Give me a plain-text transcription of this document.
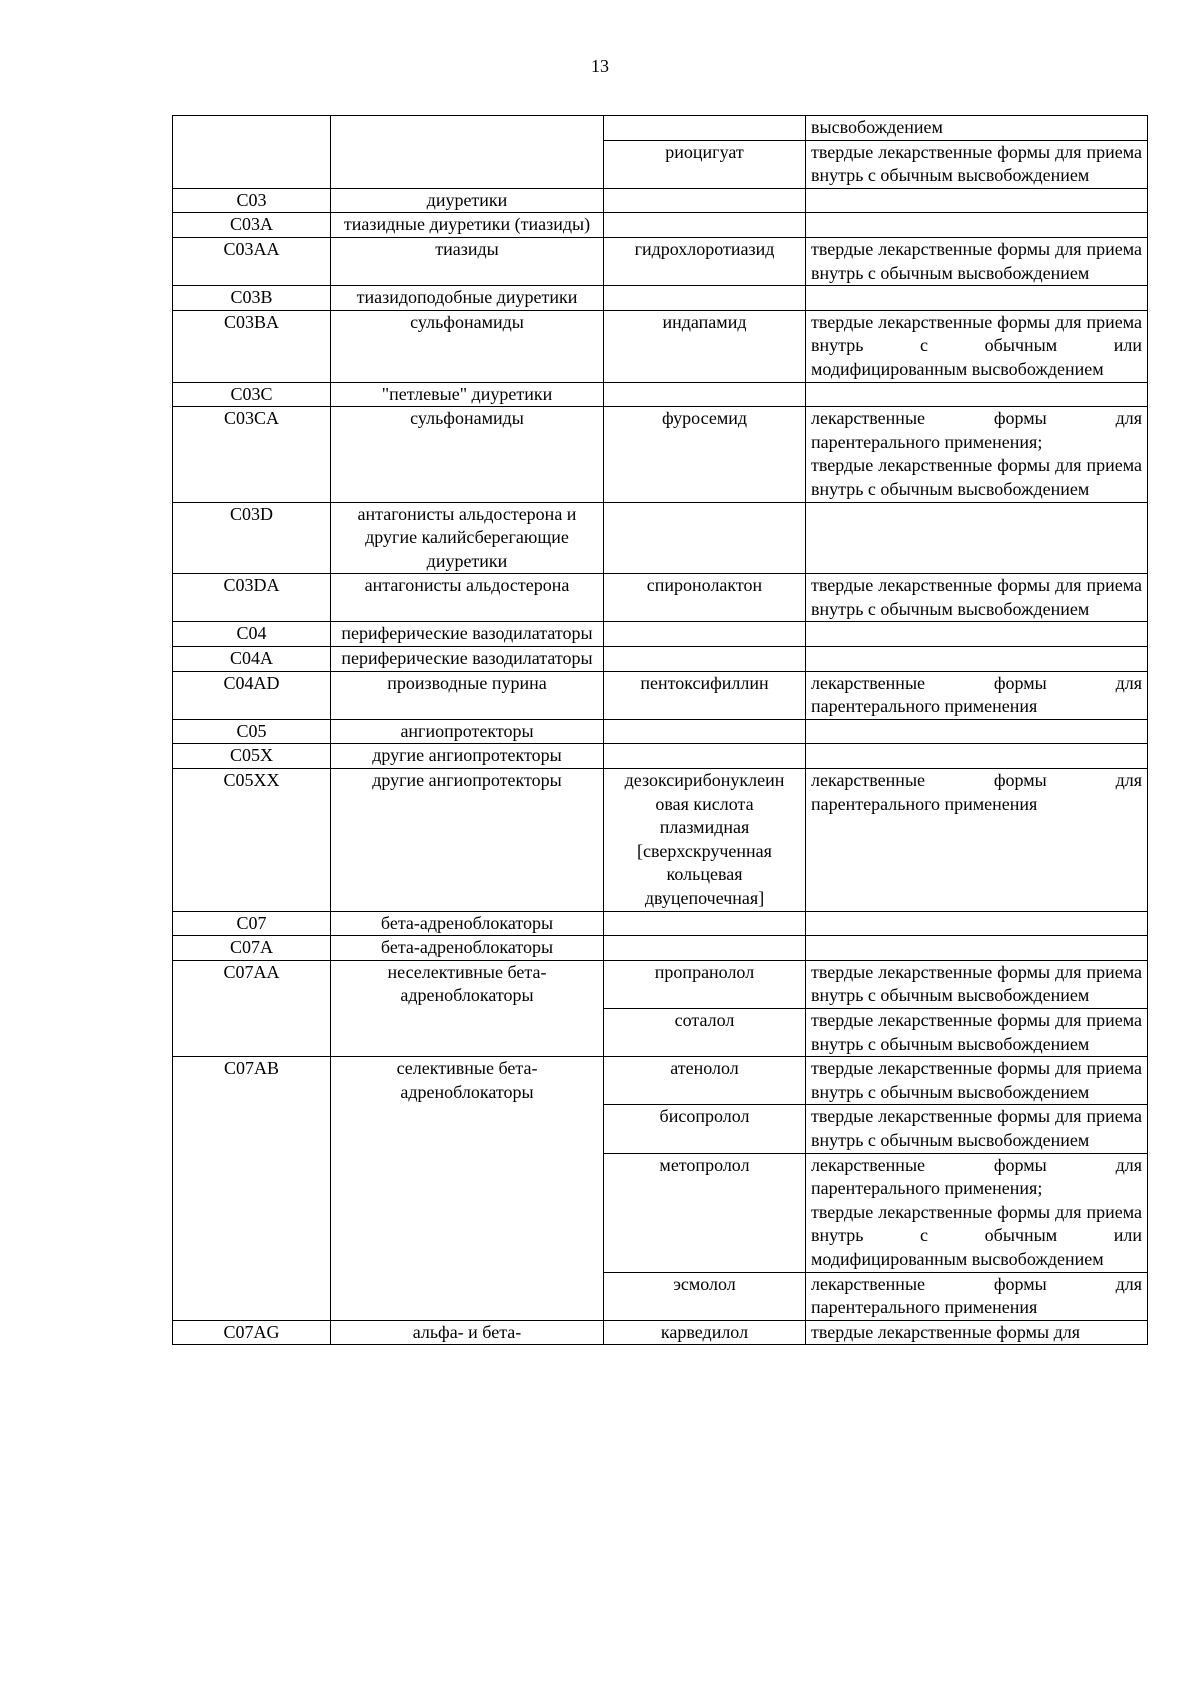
13

			высвобождением

		риоцигуат	твердые лекарственные формы для приема внутрь с обычным высвобождением

C03	диуретики		
C03A	тиазидные диуретики (тиазиды)		
C03AA	тиазиды	гидрохлоротиазид	твердые лекарственные формы для приема внутрь с обычным высвобождением

C03B	тиазидоподобные диуретики		
C03BA	сульфонамиды	индапамид	твердые лекарственные формы для приема внутрь с обычным или модифицированным высвобождением

C03C	"петлевые" диуретики		
C03CA	сульфонамиды	фуросемид	лекарственные формы для парентерального применения;
твердые лекарственные формы для приема внутрь с обычным высвобождением

C03D	антагонисты альдостерона и другие калийсберегающие диуретики		
C03DA	антагонисты альдостерона	спиронолактон	твердые лекарственные формы для приема внутрь с обычным высвобождением

C04	периферические вазодилататоры		
C04A	периферические вазодилататоры		
C04AD	производные пурина	пентоксифиллин	лекарственные формы для парентерального применения

C05	ангиопротекторы		
C05X	другие ангиопротекторы		
C05XX	другие ангиопротекторы	дезоксирибонуклеин овая кислота плазмидная [сверхскрученная кольцевая двуцепочечная]	лекарственные формы для парентерального применения

C07	бета-адреноблокаторы		
C07A	бета-адреноблокаторы		
C07AA	неселективные бета-адреноблокаторы	пропранолол	твердые лекарственные формы для приема внутрь с обычным высвобождением

		соталол	твердые лекарственные формы для приема внутрь с обычным высвобождением

C07AB	селективные бета-адреноблокаторы	атенолол	твердые лекарственные формы для приема внутрь с обычным высвобождением

		бисопролол	твердые лекарственные формы для приема внутрь с обычным высвобождением

		метопролол	лекарственные формы для парентерального применения;
твердые лекарственные формы для приема внутрь с обычным или модифицированным высвобождением

		эсмолол	лекарственные формы для парентерального применения

C07AG	альфа- и бета-	карведилол	твердые лекарственные формы для
